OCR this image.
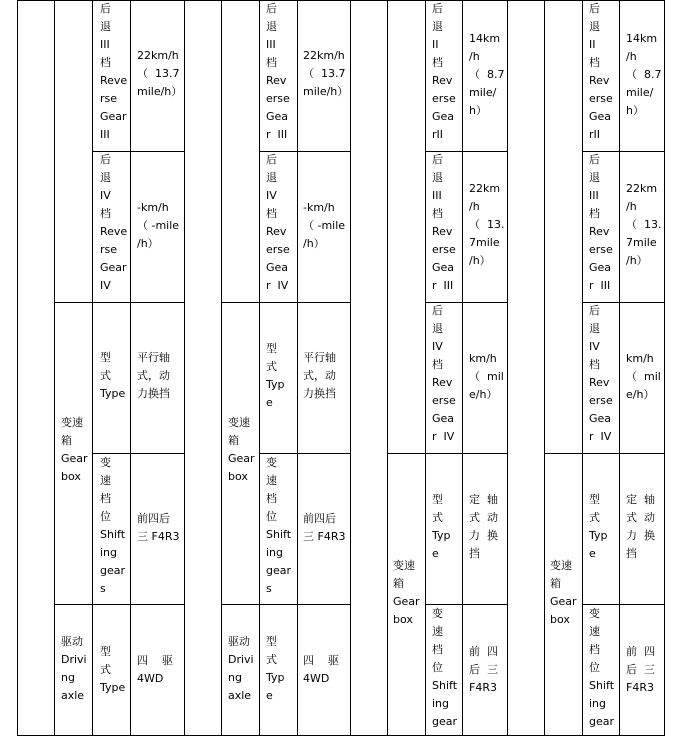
后
退
III
档
Reve
rse
Gear
III
22km/h
（  13.7
mile/h）
后
退
IV
档
Reve
rse
Gear
IV
-km/h
（ -mile
/h）
变速
箱
Gear
box
型
式
Type
平行轴
式，动
力换挡
变
速
档
位
Shift
ing
gear
s
前四后
三 F4R3
驱动
Drivi
ng
axle
型
式
Type
四    驱
4WD
后
退
III
档
Rev
erse
Gea
r  III
22km/h
（  13.7
mile/h）
后
退
IV
档
Rev
erse
Gea
r  IV
-km/h
（ -mile
/h）
变速
箱
Gear
box
型
式
Typ
e
平行轴
式，动
力换挡
变
速
档
位
Shift
ing
gear
s
前四后
三 F4R3
驱动
Drivi
ng
axle
型
式
Typ
e
四    驱
4WD
后
退
II
档
Rev
erse
Gea
rII
14km
/h
（  8.7
mile/
h）
后
退
III
档
Rev
erse
Gea
r  III
22km
/h
（  13.
7mile
/h）
后
退
IV
档
Rev
erse
Gea
r  IV
km/h
（  mil
e/h）
变速
箱
Gear
box
型
式
Typ
e
定  轴
式  动
力  换
挡
变
速
档
位
Shift
ing
gear
前  四
后  三
F4R3
后
退
II
档
Rev
erse
Gea
rII
14km
/h
（  8.7
mile/
h）
后
退
III
档
Rev
erse
Gea
r  III
22km
/h
（  13.
7mile
/h）
后
退
IV
档
Rev
erse
Gea
r  IV
km/h
（  mil
e/h）
变速
箱
Gear
box
型
式
Typ
e
定  轴
式  动
力  换
挡
变
速
档
位
Shift
ing
gear
前  四
后  三
F4R3
